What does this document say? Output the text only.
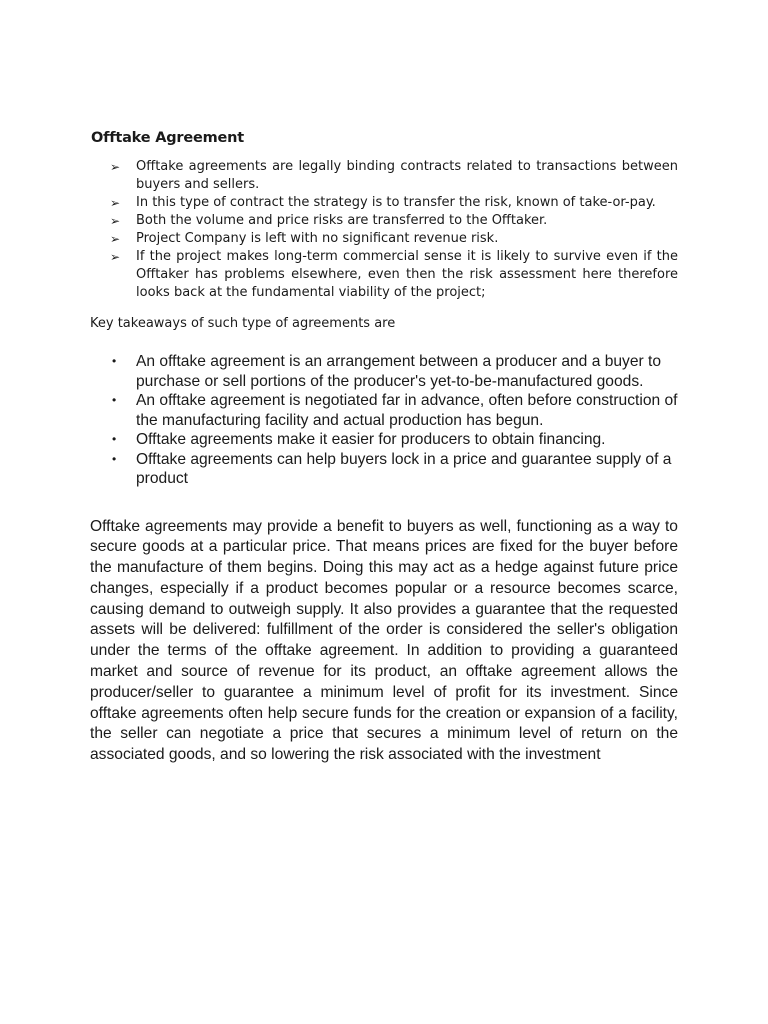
Offtake Agreement
➢ Offtake agreements are legally binding contracts related to transactions between buyers and sellers.
➢ In this type of contract the strategy is to transfer the risk, known of take-or-pay.
➢ Both the volume and price risks are transferred to the Offtaker.
➢ Project Company is left with no significant revenue risk.
➢ If the project makes long-term commercial sense it is likely to survive even if the Offtaker has problems elsewhere, even then the risk assessment here therefore looks back at the fundamental viability of the project;
Key takeaways of such type of agreements are
• An offtake agreement is an arrangement between a producer and a buyer to purchase or sell portions of the producer's yet-to-be-manufactured goods.
• An offtake agreement is negotiated far in advance, often before construction of the manufacturing facility and actual production has begun.
• Offtake agreements make it easier for producers to obtain financing.
• Offtake agreements can help buyers lock in a price and guarantee supply of a product

Offtake agreements may provide a benefit to buyers as well, functioning as a way to secure goods at a particular price. That means prices are fixed for the buyer before the manufacture of them begins. Doing this may act as a hedge against future price changes, especially if a product becomes popular or a resource becomes scarce, causing demand to outweigh supply. It also provides a guarantee that the requested assets will be delivered: fulfillment of the order is considered the seller's obligation under the terms of the offtake agreement. In addition to providing a guaranteed market and source of revenue for its product, an offtake agreement allows the producer/seller to guarantee a minimum level of profit for its investment. Since offtake agreements often help secure funds for the creation or expansion of a facility, the seller can negotiate a price that secures a minimum level of return on the associated goods, and so lowering the risk associated with the investment
